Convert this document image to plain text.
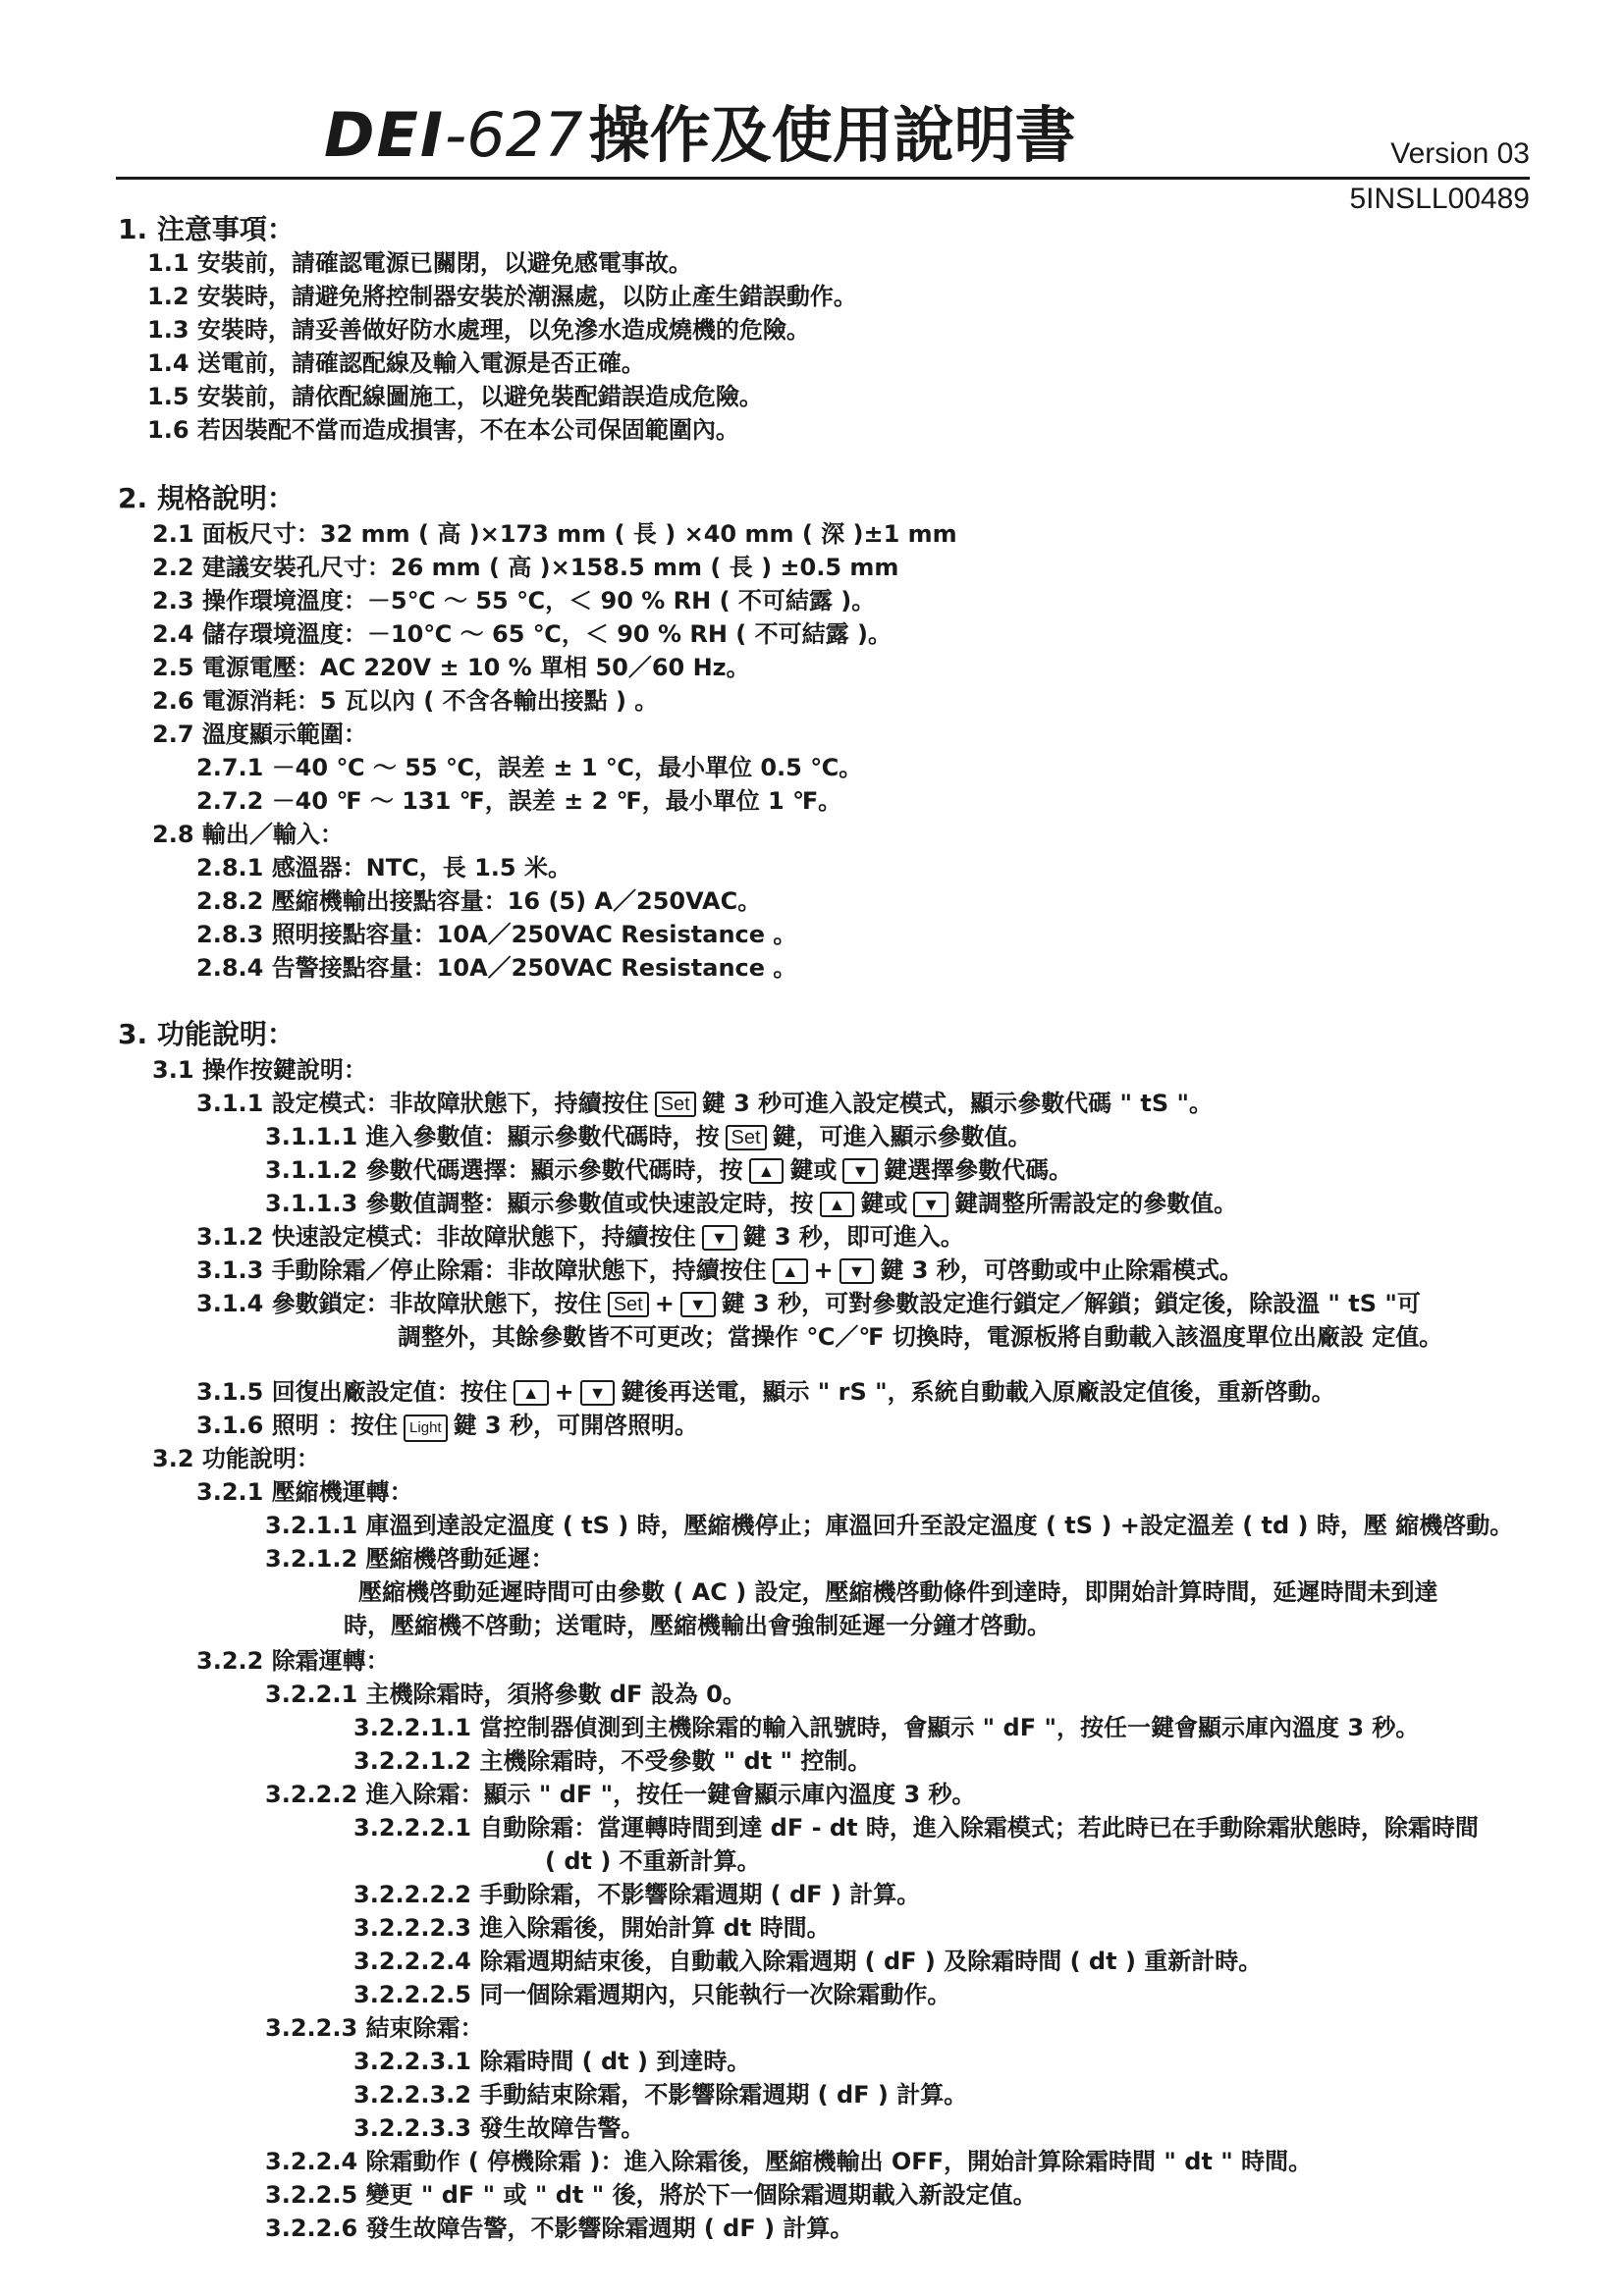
DEI-627操作及使用說明書	Version 03
5INSLL00489
1. 注意事項：
1.1 安裝前，請確認電源已關閉，以避免感電事故。
1.2 安裝時，請避免將控制器安裝於潮濕處，以防止產生錯誤動作。
1.3 安裝時，請妥善做好防水處理，以免滲水造成燒機的危險。
1.4 送電前，請確認配線及輸入電源是否正確。
1.5 安裝前，請依配線圖施工，以避免裝配錯誤造成危險。
1.6 若因裝配不當而造成損害，不在本公司保固範圍內。
2. 規格說明：
2.1 面板尺寸：32 mm ( 高 )×173 mm ( 長 ) ×40 mm ( 深 )±1 mm
2.2 建議安裝孔尺寸：26 mm ( 高 )×158.5 mm ( 長 ) ±0.5 mm
2.3 操作環境溫度：－5℃ ～ 55 ℃，＜ 90 % RH ( 不可結露 )。
2.4 儲存環境溫度：－10℃ ～ 65 ℃，＜ 90 % RH ( 不可結露 )。
2.5 電源電壓：AC 220V ± 10 % 單相 50／60 Hz。
2.6 電源消耗：5 瓦以內 ( 不含各輸出接點 ) 。
2.7 溫度顯示範圍：
2.7.1 －40 ℃ ～ 55 ℃，誤差 ± 1 ℃，最小單位 0.5 ℃。
2.7.2 －40 ℉ ～ 131 ℉，誤差 ± 2 ℉，最小單位 1 ℉。
2.8 輸出／輸入：
2.8.1 感溫器：NTC，長 1.5 米。
2.8.2 壓縮機輸出接點容量：16 (5) A／250VAC。
2.8.3 照明接點容量：10A／250VAC Resistance 。
2.8.4 告警接點容量：10A／250VAC Resistance 。
3. 功能說明：
3.1 操作按鍵說明：
3.1.1 設定模式：非故障狀態下，持續按住 Set 鍵 3 秒可進入設定模式，顯示參數代碼 " tS "。
3.1.1.1 進入參數值：顯示參數代碼時，按 Set 鍵，可進入顯示參數值。
3.1.1.2 參數代碼選擇：顯示參數代碼時，按 ▲ 鍵或 ▼ 鍵選擇參數代碼。
3.1.1.3 參數值調整：顯示參數值或快速設定時，按 ▲ 鍵或 ▼ 鍵調整所需設定的參數值。
3.1.2 快速設定模式：非故障狀態下，持續按住 ▼ 鍵 3 秒，即可進入。
3.1.3 手動除霜／停止除霜：非故障狀態下，持續按住 ▲ + ▼ 鍵 3 秒，可啓動或中止除霜模式。
3.1.4 參數鎖定：非故障狀態下，按住 Set + ▼ 鍵 3 秒，可對參數設定進行鎖定／解鎖；鎖定後，除設溫 " tS "可
調整外，其餘參數皆不可更改；當操作 ℃／℉ 切換時，電源板將自動載入該溫度單位出廠設 定值。
3.1.5 回復出廠設定值：按住 ▲ + ▼ 鍵後再送電，顯示 " rS "，系統自動載入原廠設定值後，重新啓動。
3.1.6 照明 ：按住 Light 鍵 3 秒，可開啓照明。
3.2 功能說明：
3.2.1 壓縮機運轉：
3.2.1.1 庫溫到達設定溫度 ( tS ) 時，壓縮機停止；庫溫回升至設定溫度 ( tS ) +設定溫差 ( td ) 時，壓 縮機啓動。
3.2.1.2 壓縮機啓動延遲：
壓縮機啓動延遲時間可由參數 ( AC ) 設定，壓縮機啓動條件到達時，即開始計算時間，延遲時間未到達
時，壓縮機不啓動；送電時，壓縮機輸出會強制延遲一分鐘才啓動。
3.2.2 除霜運轉：
3.2.2.1 主機除霜時，須將參數 dF 設為 0。
3.2.2.1.1 當控制器偵測到主機除霜的輸入訊號時，會顯示 " dF "，按任一鍵會顯示庫內溫度 3 秒。
3.2.2.1.2 主機除霜時，不受參數 " dt " 控制。
3.2.2.2 進入除霜：顯示 " dF "，按任一鍵會顯示庫內溫度 3 秒。
3.2.2.2.1 自動除霜：當運轉時間到達 dF - dt 時，進入除霜模式；若此時已在手動除霜狀態時，除霜時間
( dt ) 不重新計算。
3.2.2.2.2 手動除霜，不影響除霜週期 ( dF ) 計算。
3.2.2.2.3 進入除霜後，開始計算 dt 時間。
3.2.2.2.4 除霜週期結束後，自動載入除霜週期 ( dF ) 及除霜時間 ( dt ) 重新計時。
3.2.2.2.5 同一個除霜週期內，只能執行一次除霜動作。
3.2.2.3 結束除霜：
3.2.2.3.1 除霜時間 ( dt ) 到達時。
3.2.2.3.2 手動結束除霜，不影響除霜週期 ( dF ) 計算。
3.2.2.3.3 發生故障告警。
3.2.2.4 除霜動作 ( 停機除霜 )：進入除霜後，壓縮機輸出 OFF，開始計算除霜時間 " dt " 時間。
3.2.2.5 變更 " dF " 或 " dt " 後，將於下一個除霜週期載入新設定值。
3.2.2.6 發生故障告警，不影響除霜週期 ( dF ) 計算。
